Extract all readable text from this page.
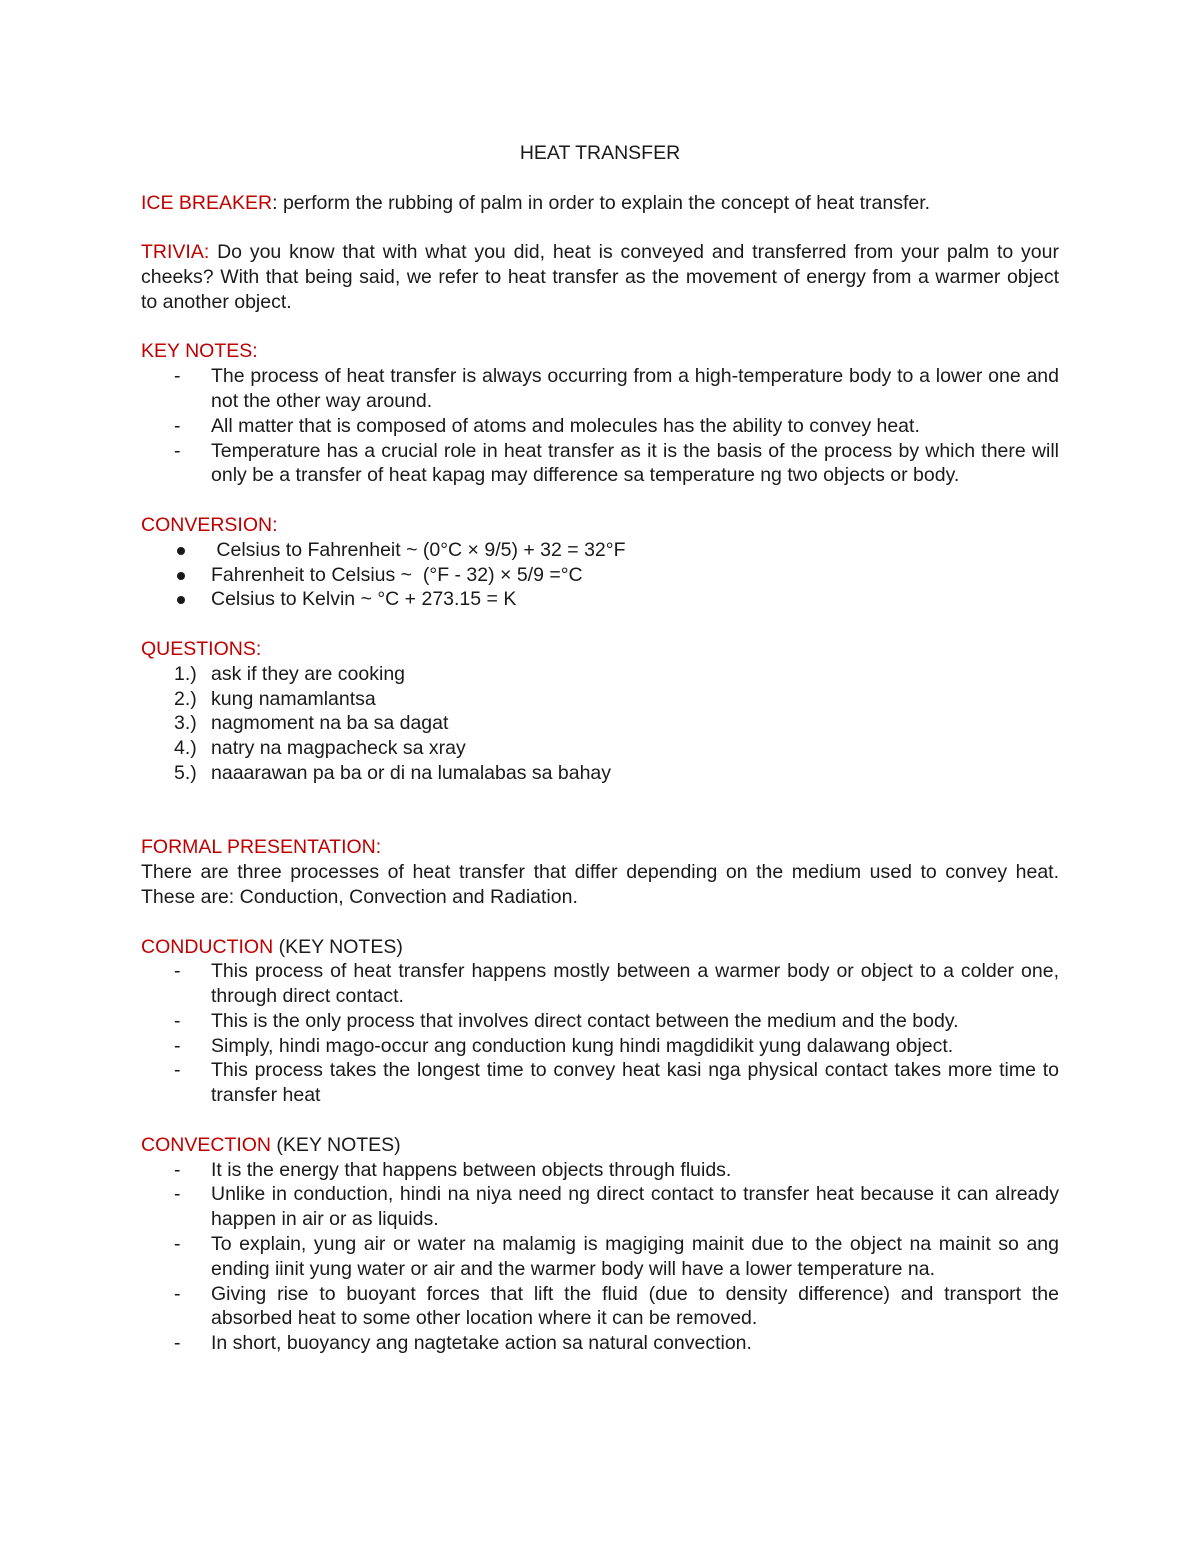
HEAT TRANSFER

ICE BREAKER: perform the rubbing of palm in order to explain the concept of heat transfer.

TRIVIA: Do you know that with what you did, heat is conveyed and transferred from your palm to your cheeks? With that being said, we refer to heat transfer as the movement of energy from a warmer object to another object.

KEY NOTES:

- The process of heat transfer is always occurring from a high-temperature body to a lower one and not the other way around.
- All matter that is composed of atoms and molecules has the ability to convey heat.
- Temperature has a crucial role in heat transfer as it is the basis of the process by which there will only be a transfer of heat kapag may difference sa temperature ng two objects or body.

CONVERSION:

Celsius to Fahrenheit ~ (0°C × 9/5) + 32 = 32°F
Fahrenheit to Celsius ~  (°F - 32) × 5/9 =°C
Celsius to Kelvin ~ °C + 273.15 = K

QUESTIONS:

1.) ask if they are cooking
2.) kung namamlantsa
3.) nagmoment na ba sa dagat
4.) natry na magpacheck sa xray
5.) naaarawan pa ba or di na lumalabas sa bahay

FORMAL PRESENTATION:

There are three processes of heat transfer that differ depending on the medium used to convey heat. These are: Conduction, Convection and Radiation.

CONDUCTION (KEY NOTES)

- This process of heat transfer happens mostly between a warmer body or object to a colder one, through direct contact.
- This is the only process that involves direct contact between the medium and the body.
- Simply, hindi mago-occur ang conduction kung hindi magdidikit yung dalawang object.
- This process takes the longest time to convey heat kasi nga physical contact takes more time to transfer heat

CONVECTION (KEY NOTES)

- It is the energy that happens between objects through fluids.
- Unlike in conduction, hindi na niya need ng direct contact to transfer heat because it can already happen in air or as liquids.
- To explain, yung air or water na malamig is magiging mainit due to the object na mainit so ang ending iinit yung water or air and the warmer body will have a lower temperature na.
- Giving rise to buoyant forces that lift the fluid (due to density difference) and transport the absorbed heat to some other location where it can be removed.
- In short, buoyancy ang nagtetake action sa natural convection.
